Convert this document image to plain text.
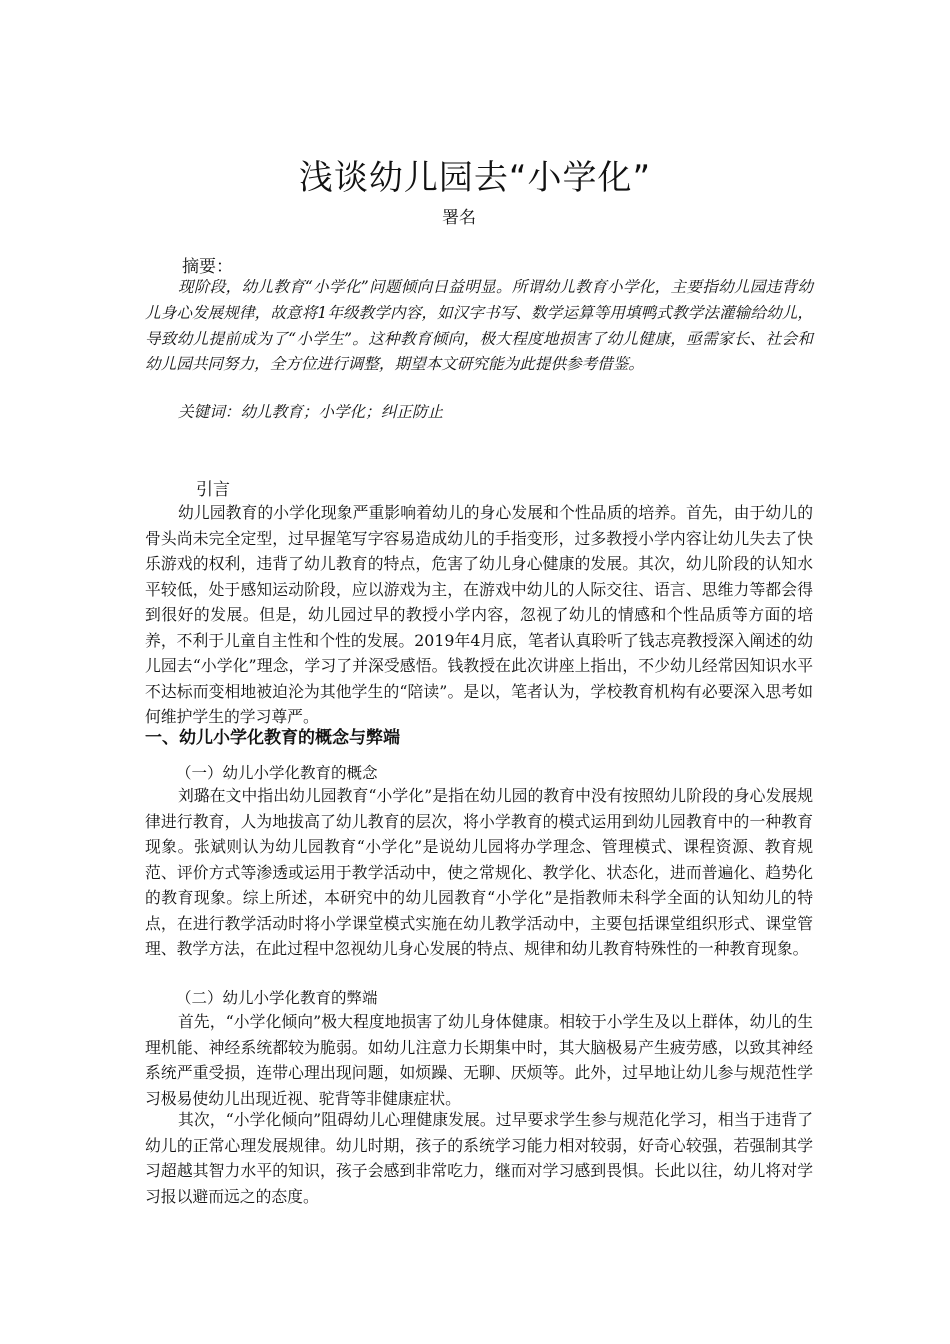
浅谈幼儿园去“小学化”

署名

摘要：

现阶段，幼儿教育“小学化”问题倾向日益明显。所谓幼儿教育小学化，主要指幼儿园违背幼儿身心发展规律，故意将1年级教学内容，如汉字书写、数学运算等用填鸭式教学法灌输给幼儿，导致幼儿提前成为了“小学生”。这种教育倾向，极大程度地损害了幼儿健康，亟需家长、社会和幼儿园共同努力，全方位进行调整，期望本文研究能为此提供参考借鉴。

关键词：幼儿教育；小学化；纠正防止

引言

幼儿园教育的小学化现象严重影响着幼儿的身心发展和个性品质的培养。首先，由于幼儿的骨头尚未完全定型，过早握笔写字容易造成幼儿的手指变形，过多教授小学内容让幼儿失去了快乐游戏的权利，违背了幼儿教育的特点，危害了幼儿身心健康的发展。其次，幼儿阶段的认知水平较低，处于感知运动阶段，应以游戏为主，在游戏中幼儿的人际交往、语言、思维力等都会得到很好的发展。但是，幼儿园过早的教授小学内容，忽视了幼儿的情感和个性品质等方面的培养，不利于儿童自主性和个性的发展。2019年4月底，笔者认真聆听了钱志亮教授深入阐述的幼儿园去“小学化”理念，学习了并深受感悟。钱教授在此次讲座上指出，不少幼儿经常因知识水平不达标而变相地被迫沦为其他学生的“陪读”。是以，笔者认为，学校教育机构有必要深入思考如何维护学生的学习尊严。

一、幼儿小学化教育的概念与弊端

（一）幼儿小学化教育的概念

刘璐在文中指出幼儿园教育“小学化”是指在幼儿园的教育中没有按照幼儿阶段的身心发展规律进行教育，人为地拔高了幼儿教育的层次，将小学教育的模式运用到幼儿园教育中的一种教育现象。张斌则认为幼儿园教育“小学化”是说幼儿园将办学理念、管理模式、课程资源、教育规范、评价方式等渗透或运用于教学活动中，使之常规化、教学化、状态化，进而普遍化、趋势化的教育现象。综上所述，本研究中的幼儿园教育“小学化”是指教师未科学全面的认知幼儿的特点，在进行教学活动时将小学课堂模式实施在幼儿教学活动中，主要包括课堂组织形式、课堂管理、教学方法，在此过程中忽视幼儿身心发展的特点、规律和幼儿教育特殊性的一种教育现象。

（二）幼儿小学化教育的弊端

首先，“小学化倾向”极大程度地损害了幼儿身体健康。相较于小学生及以上群体，幼儿的生理机能、神经系统都较为脆弱。如幼儿注意力长期集中时，其大脑极易产生疲劳感，以致其神经系统严重受损，连带心理出现问题，如烦躁、无聊、厌烦等。此外，过早地让幼儿参与规范性学习极易使幼儿出现近视、驼背等非健康症状。

其次，“小学化倾向”阻碍幼儿心理健康发展。过早要求学生参与规范化学习，相当于违背了幼儿的正常心理发展规律。幼儿时期，孩子的系统学习能力相对较弱，好奇心较强，若强制其学习超越其智力水平的知识，孩子会感到非常吃力，继而对学习感到畏惧。长此以往，幼儿将对学习报以避而远之的态度。
